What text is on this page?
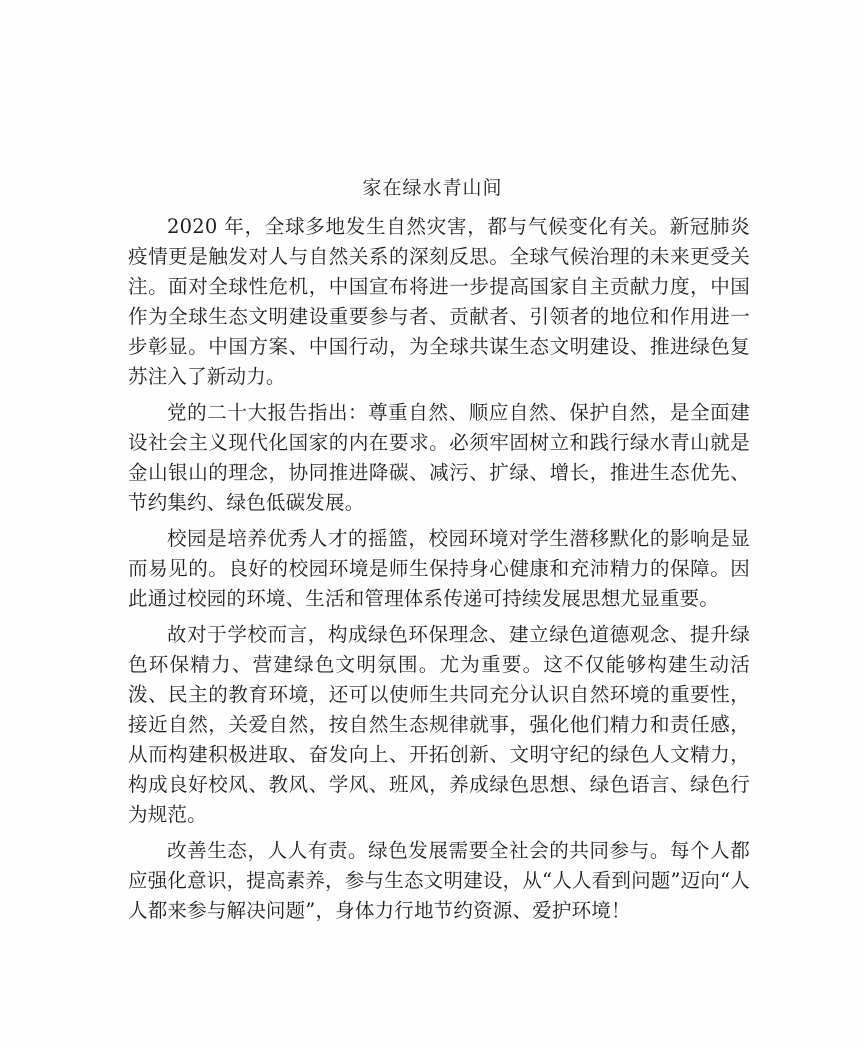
家在绿水青山间

2020 年，全球多地发生自然灾害，都与气候变化有关。新冠肺炎疫情更是触发对人与自然关系的深刻反思。全球气候治理的未来更受关注。面对全球性危机，中国宣布将进一步提高国家自主贡献力度，中国作为全球生态文明建设重要参与者、贡献者、引领者的地位和作用进一步彰显。中国方案、中国行动，为全球共谋生态文明建设、推进绿色复苏注入了新动力。

党的二十大报告指出：尊重自然、顺应自然、保护自然，是全面建设社会主义现代化国家的内在要求。必须牢固树立和践行绿水青山就是金山银山的理念，协同推进降碳、减污、扩绿、增长，推进生态优先、节约集约、绿色低碳发展。

校园是培养优秀人才的摇篮，校园环境对学生潜移默化的影响是显而易见的。良好的校园环境是师生保持身心健康和充沛精力的保障。因此通过校园的环境、生活和管理体系传递可持续发展思想尤显重要。

故对于学校而言，构成绿色环保理念、建立绿色道德观念、提升绿色环保精力、营建绿色文明氛围。尤为重要。这不仅能够构建生动活泼、民主的教育环境，还可以使师生共同充分认识自然环境的重要性，接近自然，关爱自然，按自然生态规律就事，强化他们精力和责任感，从而构建积极进取、奋发向上、开拓创新、文明守纪的绿色人文精力，构成良好校风、教风、学风、班风，养成绿色思想、绿色语言、绿色行为规范。

改善生态，人人有责。绿色发展需要全社会的共同参与。每个人都应强化意识，提高素养，参与生态文明建设，从“人人看到问题”迈向“人人都来参与解决问题”，身体力行地节约资源、爱护环境！
